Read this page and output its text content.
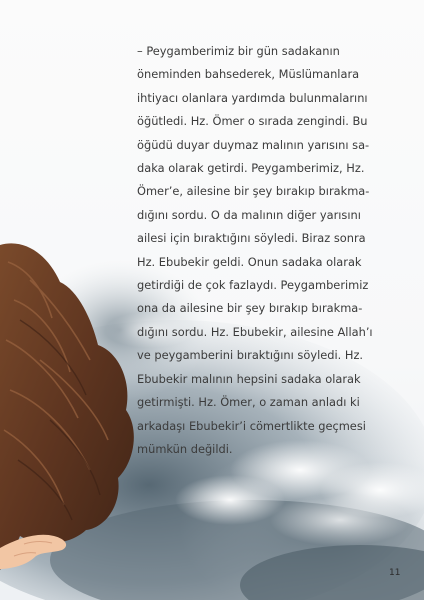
– Peygamberimiz bir gün sadakanın
öneminden bahsederek, Müslümanlara
ihtiyacı olanlara yardımda bulunmalarını
öğütledi. Hz. Ömer o sırada zengindi. Bu
öğüdü duyar duymaz malının yarısını sa-
daka olarak getirdi. Peygamberimiz, Hz.
Ömer’e, ailesine bir şey bırakıp bırakma-
dığını sordu. O da malının diğer yarısını
ailesi için bıraktığını söyledi. Biraz sonra
Hz. Ebubekir geldi. Onun sadaka olarak
getirdiği de çok fazlaydı. Peygamberimiz
ona da ailesine bir şey bırakıp bırakma-
dığını sordu. Hz. Ebubekir, ailesine Allah’ı
ve peygamberini bıraktığını söyledi. Hz.
Ebubekir malının hepsini sadaka olarak
getirmişti. Hz. Ömer, o zaman anladı ki
arkadaşı Ebubekir’i cömertlikte geçmesi
mümkün değildi.

11
